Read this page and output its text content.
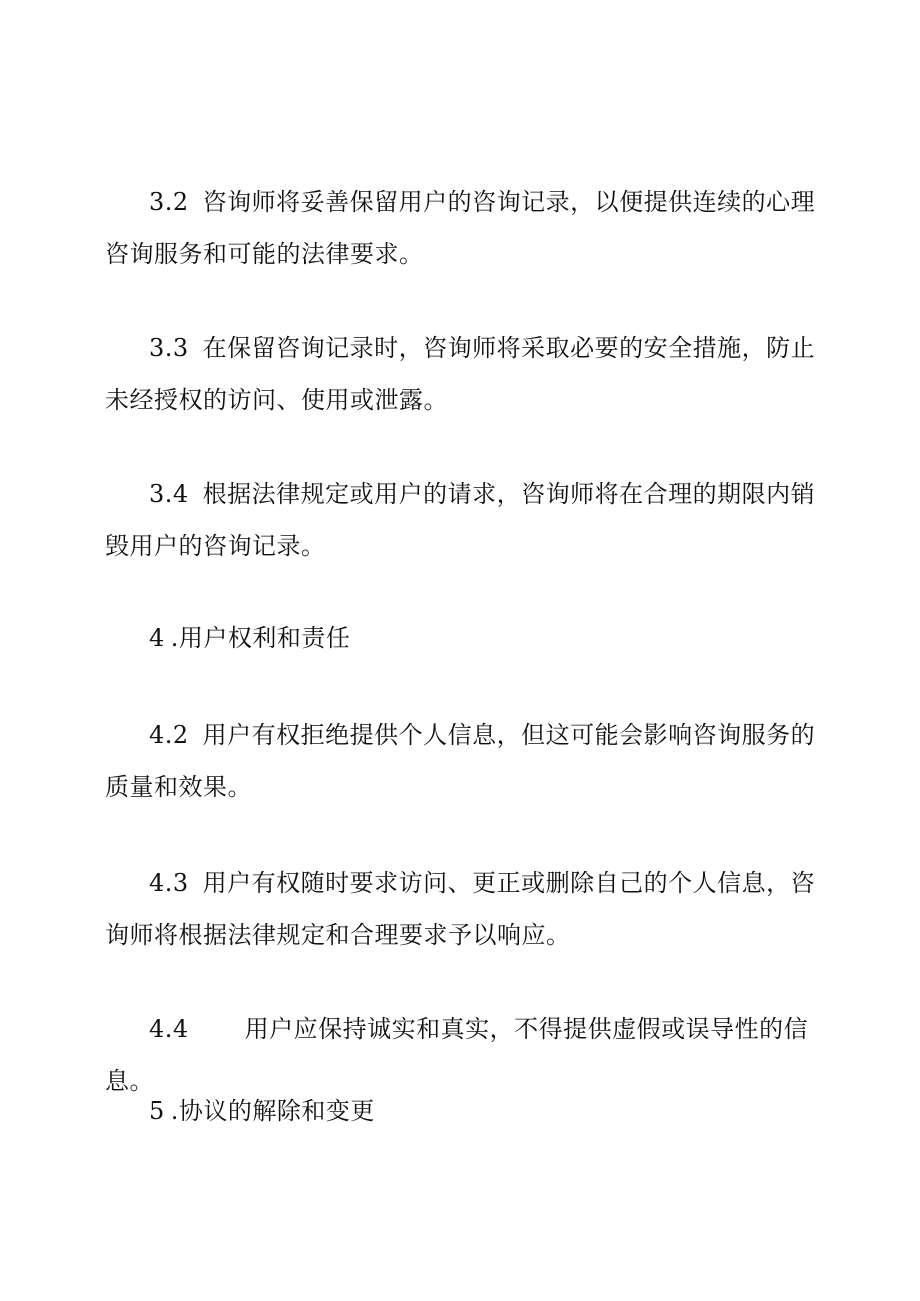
3.2 咨询师将妥善保留用户的咨询记录，以便提供连续的心理咨询服务和可能的法律要求。

3.3 在保留咨询记录时，咨询师将采取必要的安全措施，防止未经授权的访问、使用或泄露。

3.4 根据法律规定或用户的请求，咨询师将在合理的期限内销毁用户的咨询记录。

4 .用户权利和责任

4.2 用户有权拒绝提供个人信息，但这可能会影响咨询服务的质量和效果。

4.3 用户有权随时要求访问、更正或删除自己的个人信息，咨询师将根据法律规定和合理要求予以响应。

4.4 用户应保持诚实和真实，不得提供虚假或误导性的信息。

5 .协议的解除和变更
